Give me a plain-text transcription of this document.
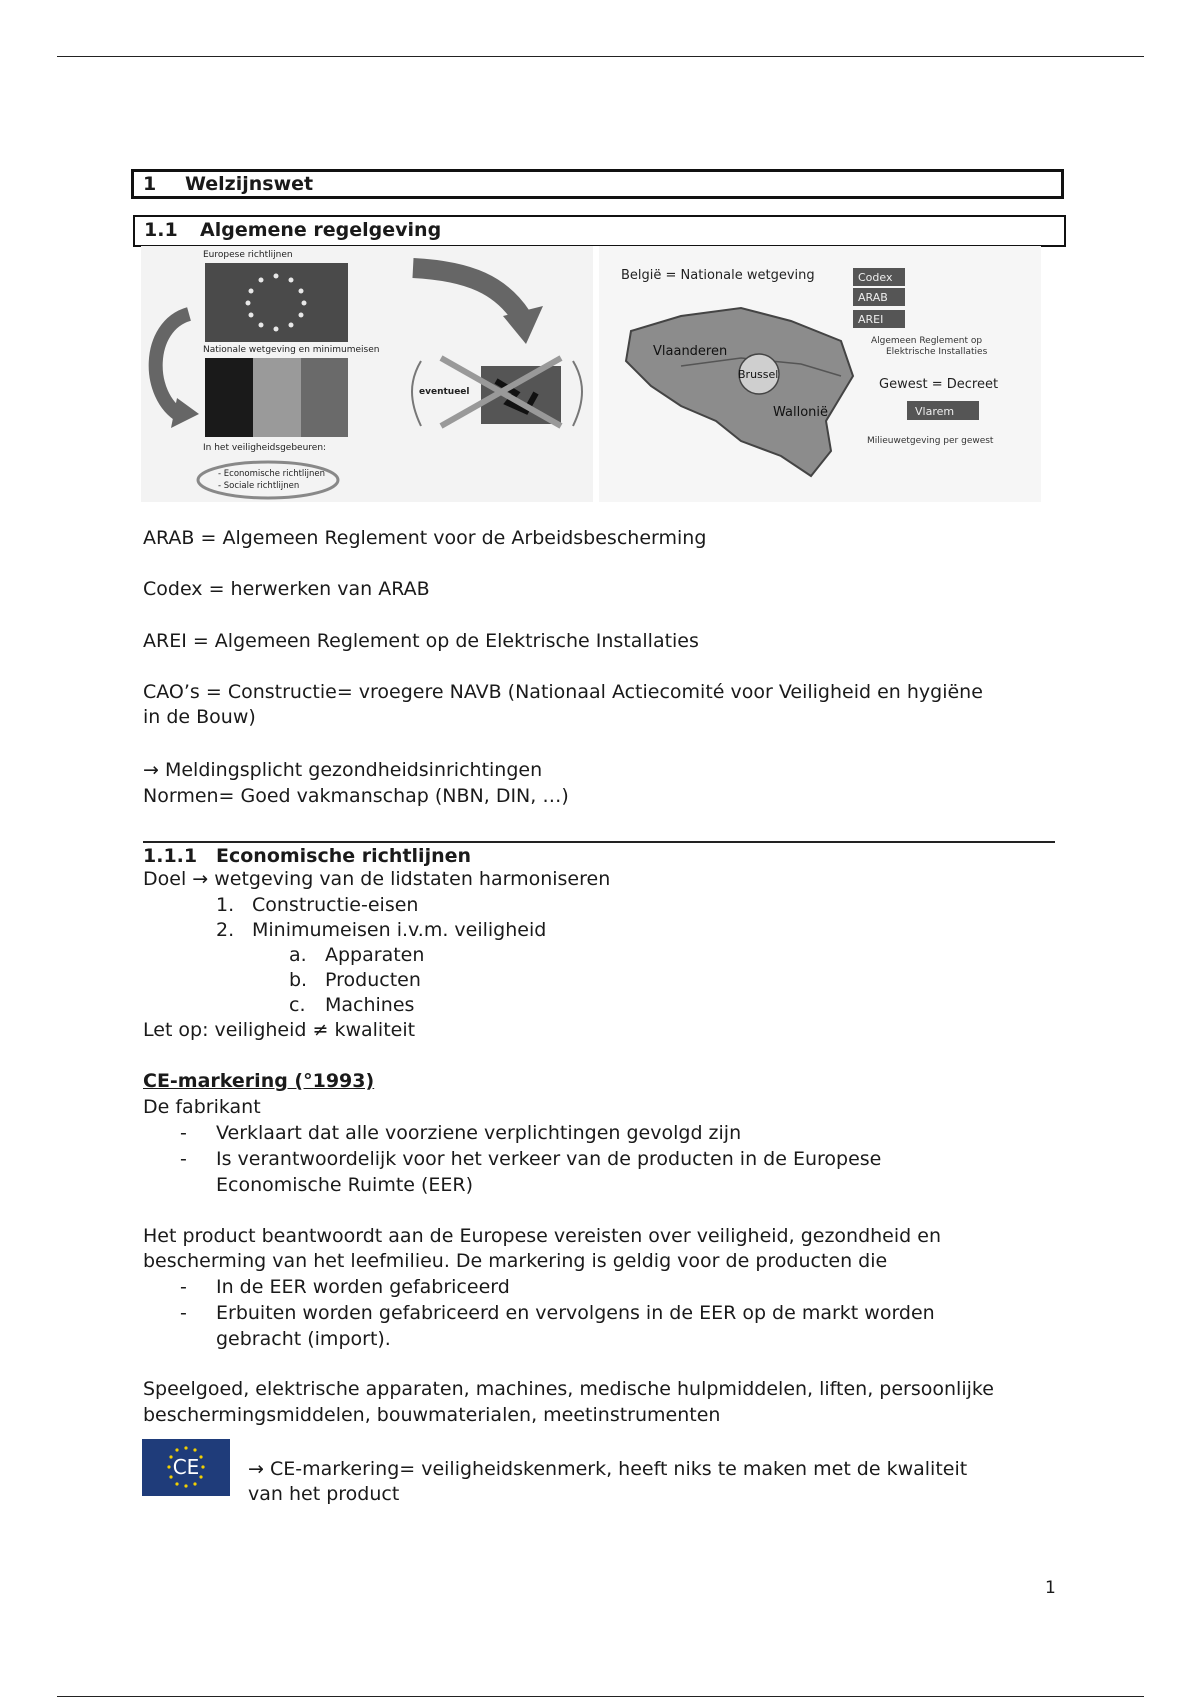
1 Welzijnswet
1.1 Algemene regelgeving
Europese richtlijnen
Nationale wetgeving en minimumeisen
In het veiligheidsgebeuren:
- Economische richtlijnen
- Sociale richtlijnen
eventueel
België = Nationale wetgeving	Codex
ARAB
AREI
Algemeen Reglement op
Elektrische Installaties
Vlaanderen
Brussel
Wallonië
Gewest = Decreet
Vlarem
Milieuwetgeving per gewest
ARAB = Algemeen Reglement voor de Arbeidsbescherming
Codex = herwerken van ARAB
AREI = Algemeen Reglement op de Elektrische Installaties
CAO’s = Constructie= vroegere NAVB (Nationaal Actiecomité voor Veiligheid en hygiëne
in de Bouw)
→ Meldingsplicht gezondheidsinrichtingen
Normen= Goed vakmanschap (NBN, DIN, …)
1.1.1 Economische richtlijnen
Doel → wetgeving van de lidstaten harmoniseren
1. Constructie-eisen
2. Minimumeisen i.v.m. veiligheid
a. Apparaten
b. Producten
c. Machines
Let op: veiligheid ≠ kwaliteit
CE-markering (°1993)
De fabrikant
- Verklaart dat alle voorziene verplichtingen gevolgd zijn
- Is verantwoordelijk voor het verkeer van de producten in de Europese
Economische Ruimte (EER)
Het product beantwoordt aan de Europese vereisten over veiligheid, gezondheid en
bescherming van het leefmilieu. De markering is geldig voor de producten die
- In de EER worden gefabriceerd
- Erbuiten worden gefabriceerd en vervolgens in de EER op de markt worden
gebracht (import).
Speelgoed, elektrische apparaten, machines, medische hulpmiddelen, liften, persoonlijke
beschermingsmiddelen, bouwmaterialen, meetinstrumenten
CE	→ CE-markering= veiligheidskenmerk, heeft niks te maken met de kwaliteit
van het product
1
